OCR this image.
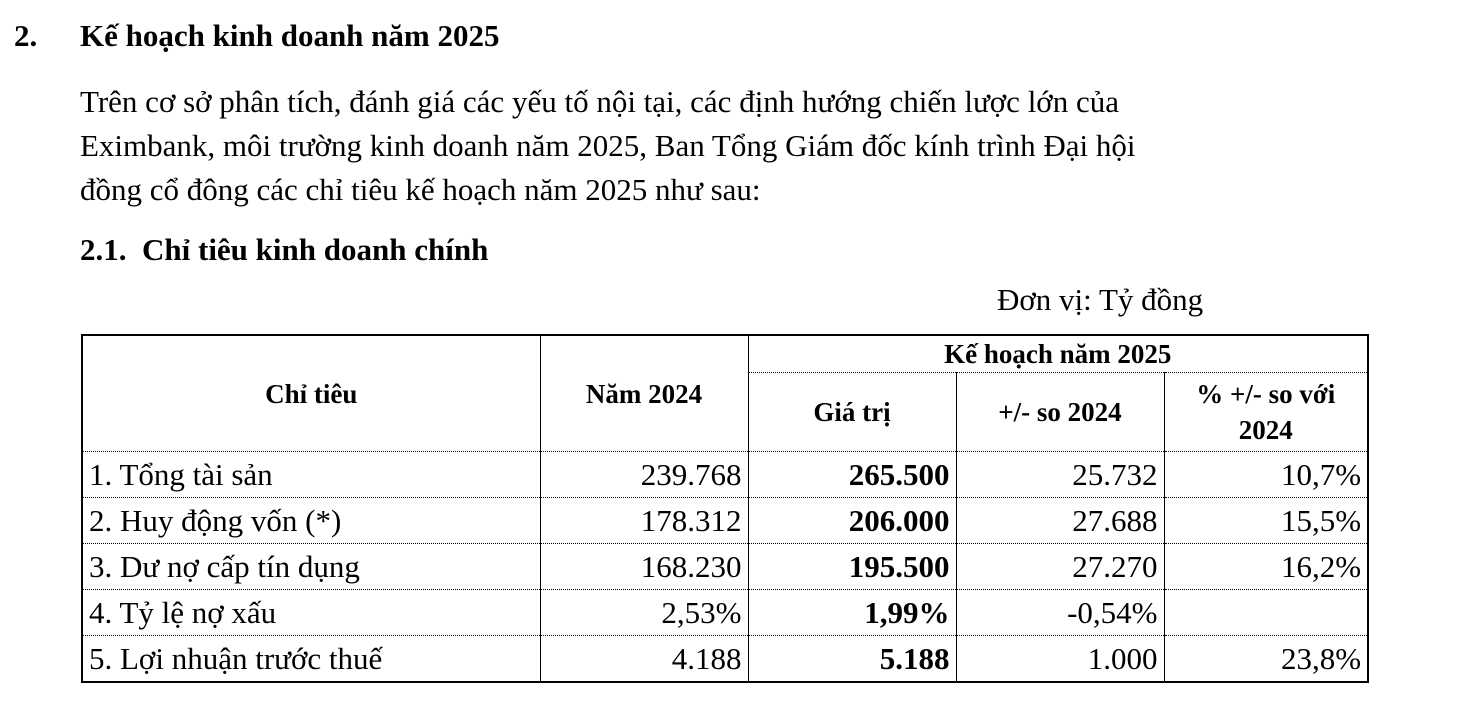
2.	Kế hoạch kinh doanh năm 2025

Trên cơ sở phân tích, đánh giá các yếu tố nội tại, các định hướng chiến lược lớn của
Eximbank, môi trường kinh doanh năm 2025, Ban Tổng Giám đốc kính trình Đại hội
đồng cổ đông các chỉ tiêu kế hoạch năm 2025 như sau:

2.1. Chỉ tiêu kinh doanh chính
Đơn vị: Tỷ đồng
Chỉ tiêu	Năm 2024	Kế hoạch năm 2025		
		Giá trị	+/- so 2024	% +/- so với
2024

1. Tổng tài sản	239.768	265.500	25.732	10,7%
2. Huy động vốn (*)	178.312	206.000	27.688	15,5%
3. Dư nợ cấp tín dụng	168.230	195.500	27.270	16,2%
4. Tỷ lệ nợ xấu	2,53%	1,99%	-0,54%	
5. Lợi nhuận trước thuế	4.188	5.188	1.000	23,8%
